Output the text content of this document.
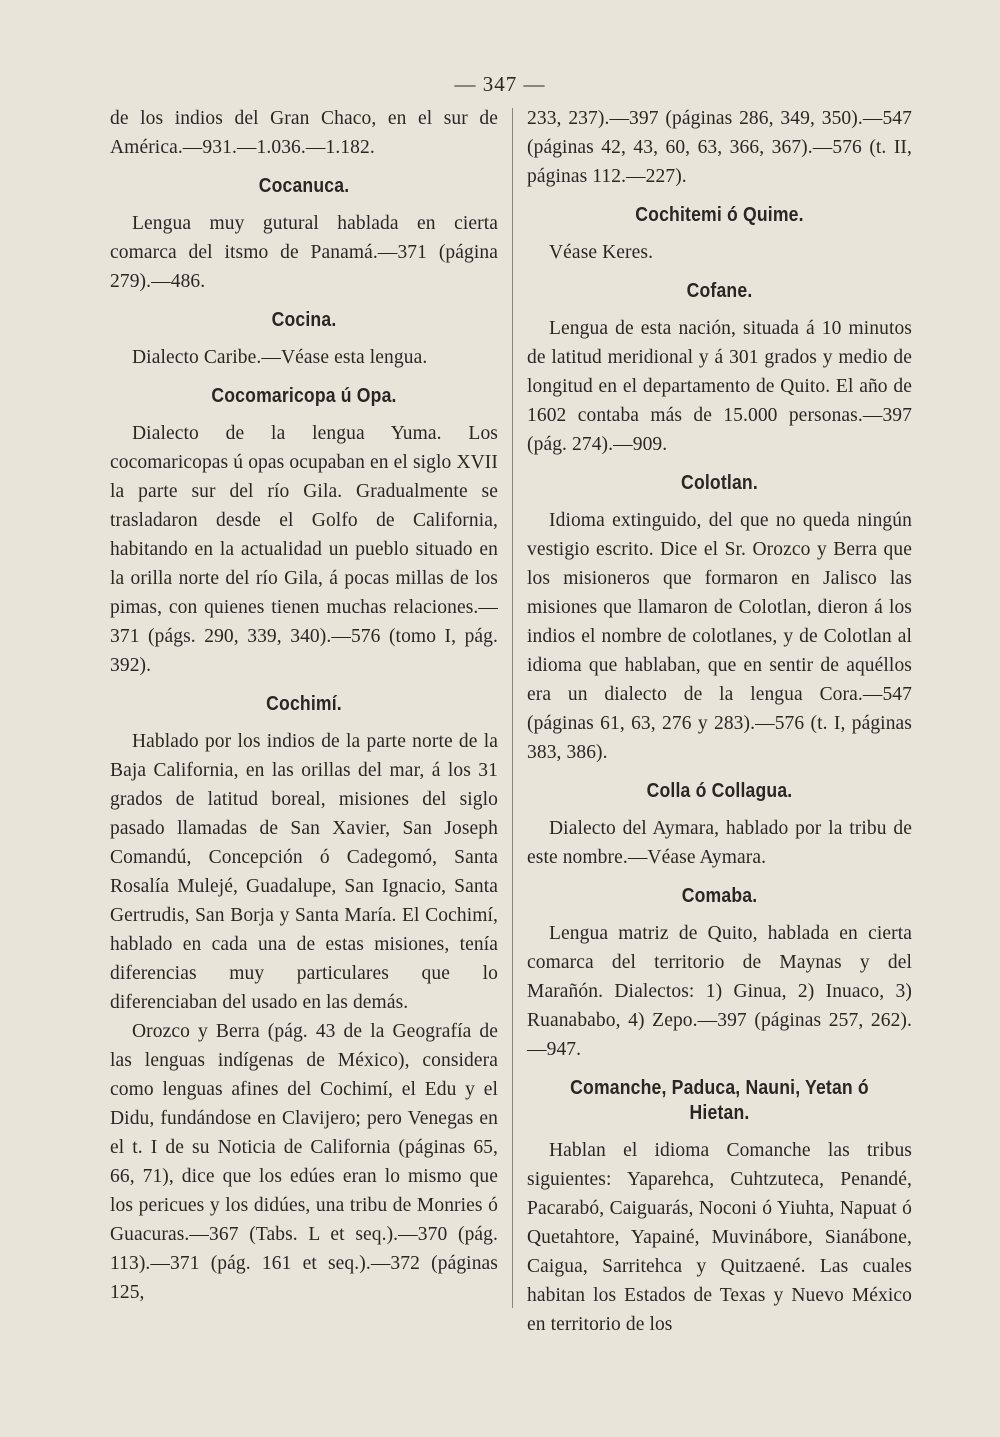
— 347 —

de los indios del Gran Chaco, en el sur de América.—931.—1.036.—1.182.

Cocanuca.

Lengua muy gutural hablada en cierta comarca del itsmo de Panamá.—371 (página 279).—486.

Cocina.

Dialecto Caribe.—Véase esta lengua.

Cocomaricopa ú Opa.

Dialecto de la lengua Yuma. Los cocomaricopas ú opas ocupaban en el siglo XVII la parte sur del río Gila. Gradualmente se trasladaron desde el Golfo de California, habitando en la actualidad un pueblo situado en la orilla norte del río Gila, á pocas millas de los pimas, con quienes tienen muchas relaciones.—371 (págs. 290, 339, 340).—576 (tomo I, pág. 392).

Cochimí.

Hablado por los indios de la parte norte de la Baja California, en las orillas del mar, á los 31 grados de latitud boreal, misiones del siglo pasado llamadas de San Xavier, San Joseph Comandú, Concepción ó Cadegomó, Santa Rosalía Mulejé, Guadalupe, San Ignacio, Santa Gertrudis, San Borja y Santa María. El Cochimí, hablado en cada una de estas misiones, tenía diferencias muy particulares que lo diferenciaban del usado en las demás.

Orozco y Berra (pág. 43 de la Geografía de las lenguas indígenas de México), considera como lenguas afines del Cochimí, el Edu y el Didu, fundándose en Clavijero; pero Venegas en el t. I de su Noticia de California (páginas 65, 66, 71), dice que los edúes eran lo mismo que los pericues y los didúes, una tribu de Monries ó Guacuras.—367 (Tabs. L et seq.).—370 (pág. 113).—371 (pág. 161 et seq.).—372 (páginas 125,

233, 237).—397 (páginas 286, 349, 350).—547 (páginas 42, 43, 60, 63, 366, 367).—576 (t. II, páginas 112.—227).

Cochitemi ó Quime.

Véase Keres.

Cofane.

Lengua de esta nación, situada á 10 minutos de latitud meridional y á 301 grados y medio de longitud en el departamento de Quito. El año de 1602 contaba más de 15.000 personas.—397 (pág. 274).—909.

Colotlan.

Idioma extinguido, del que no queda ningún vestigio escrito. Dice el Sr. Orozco y Berra que los misioneros que formaron en Jalisco las misiones que llamaron de Colotlan, dieron á los indios el nombre de colotlanes, y de Colotlan al idioma que hablaban, que en sentir de aquéllos era un dialecto de la lengua Cora.—547 (páginas 61, 63, 276 y 283).—576 (t. I, páginas 383, 386).

Colla ó Collagua.

Dialecto del Aymara, hablado por la tribu de este nombre.—Véase Aymara.

Comaba.

Lengua matriz de Quito, hablada en cierta comarca del territorio de Maynas y del Marañón. Dialectos: 1) Ginua, 2) Inuaco, 3) Ruanababo, 4) Zepo.—397 (páginas 257, 262).—947.

Comanche, Paduca, Nauni, Yetan ó Hietan.

Hablan el idioma Comanche las tribus siguientes: Yaparehca, Cuhtzuteca, Penandé, Pacarabó, Caiguarás, Noconi ó Yiuhta, Napuat ó Quetahtore, Yapainé, Muvinábore, Sianábone, Caigua, Sarritehca y Quitzaené. Las cuales habitan los Estados de Texas y Nuevo México en territorio de los
